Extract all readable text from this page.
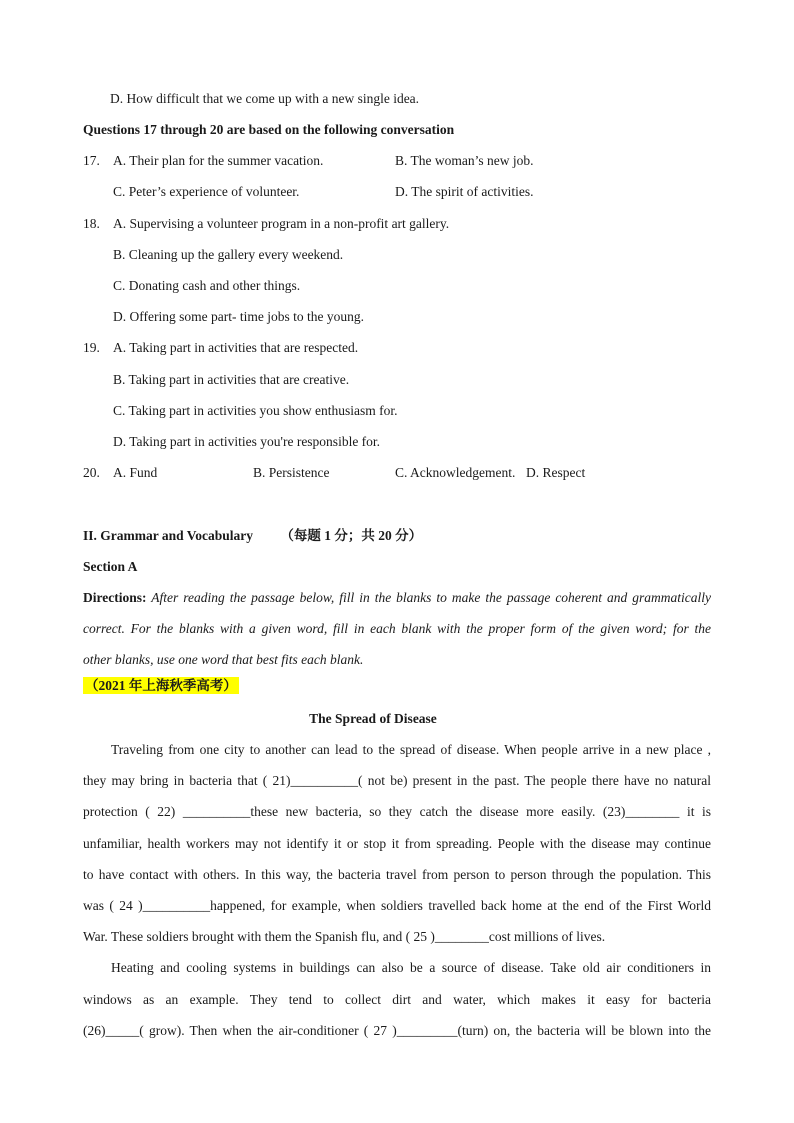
D. How difficult that we come up with a new single idea.
Questions 17 through 20 are based on the following conversation
17. A. Their plan for the summer vacation.	B. The woman’s new job.
C. Peter’s experience of volunteer.	D. The spirit of activities.
18. A. Supervising a volunteer program in a non-profit art gallery.
B. Cleaning up the gallery every weekend.
C. Donating cash and other things.
D. Offering some part- time jobs to the young.
19. A. Taking part in activities that are respected.
B. Taking part in activities that are creative.
C. Taking part in activities you show enthusiasm for.
D. Taking part in activities you're responsible for.
20. A. Fund	B. Persistence	C. Acknowledgement. D. Respect
II. Grammar and Vocabulary （每题 1 分；共 20 分）
Section A
Directions: After reading the passage below, fill in the blanks to make the passage coherent and grammatically
correct. For the blanks with a given word, fill in each blank with the proper form of the given word; for the
other blanks, use one word that best fits each blank.
（2021 年上海秋季高考）
The Spread of Disease
Traveling from one city to another can lead to the spread of disease. When people arrive in a new place ,
they may bring in bacteria that ( 21)__________( not be) present in the past. The people there have no natural
protection ( 22) __________these new bacteria, so they catch the disease more easily. (23)________ it is
unfamiliar, health workers may not identify it or stop it from spreading. People with the disease may continue
to have contact with others. In this way, the bacteria travel from person to person through the population. This
was ( 24 )__________happened, for example, when soldiers travelled back home at the end of the First World
War. These soldiers brought with them the Spanish flu, and ( 25 )________cost millions of lives.
Heating and cooling systems in buildings can also be a source of disease. Take old air conditioners in
windows as an example. They tend to collect dirt and water, which makes it easy for bacteria
(26)_____( grow). Then when the air-conditioner ( 27 )_________(turn) on, the bacteria will be blown into the
